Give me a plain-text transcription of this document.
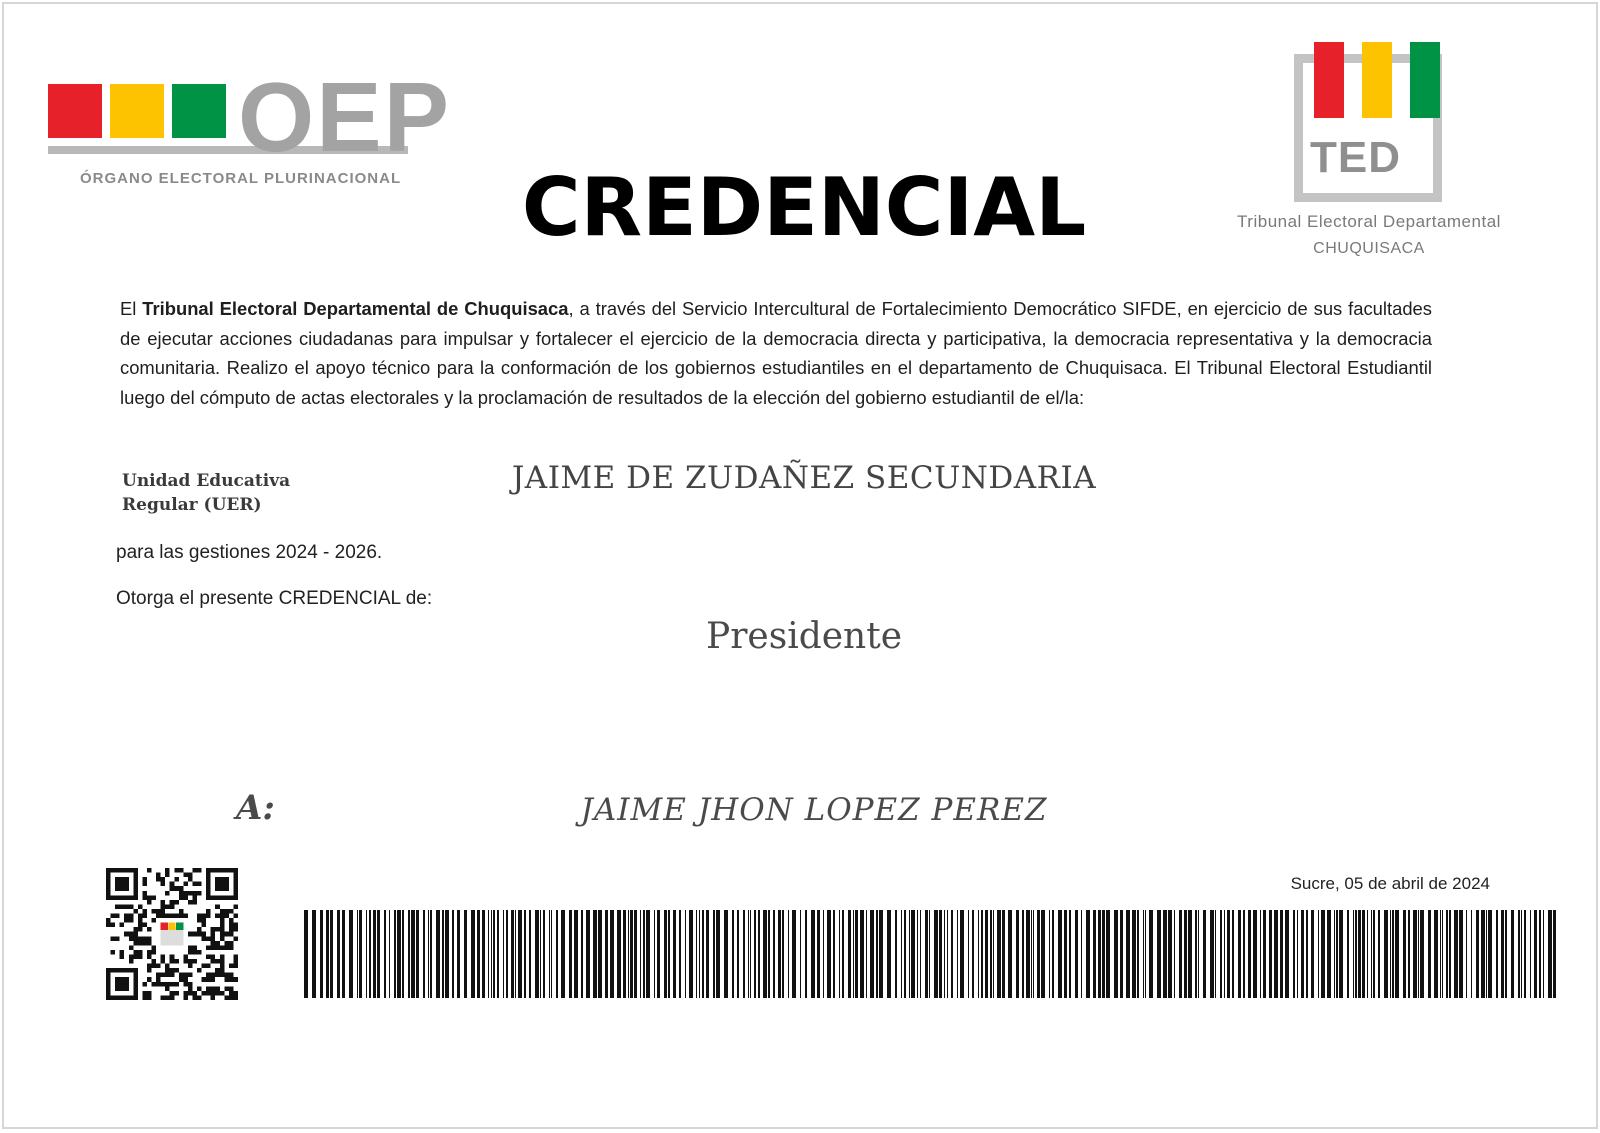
OEP
ÓRGANO ELECTORAL PLURINACIONAL	TED
Tribunal Electoral Departamental
CHUQUISACA
CREDENCIAL
El Tribunal Electoral Departamental de Chuquisaca, a través del Servicio Intercultural de Fortalecimiento Democrático SIFDE, en ejercicio de sus facultades de ejecutar acciones ciudadanas para impulsar y fortalecer el ejercicio de la democracia directa y participativa, la democracia representativa y la democracia comunitaria. Realizo el apoyo técnico para la conformación de los gobiernos estudiantiles en el departamento de Chuquisaca. El Tribunal Electoral Estudiantil luego del cómputo de actas electorales y la proclamación de resultados de la elección del gobierno estudiantil de el/la:
Unidad Educativa Regular (UER)
JAIME DE ZUDAÑEZ SECUNDARIA
para las gestiones 2024 - 2026.
Otorga el presente CREDENCIAL de:
Presidente
A:	JAIME JHON LOPEZ PEREZ
Sucre, 05 de abril de 2024
